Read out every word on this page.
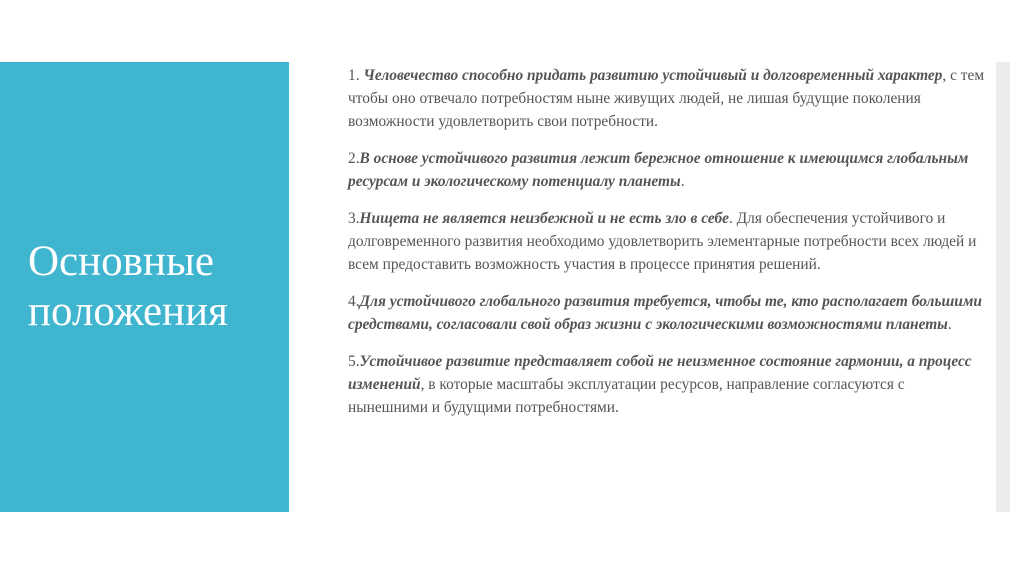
Основные
положения

1. Человечество способно придать развитию устойчивый и долговременный характер, с тем чтобы оно отвечало потребностям ныне живущих людей, не лишая будущие поколения возможности удовлетворить свои потребности.

2.В основе устойчивого развития лежит бережное отношение к имеющимся глобальным ресурсам и экологическому потенциалу планеты.

3.Нищета не является неизбежной и не есть зло в себе. Для обеспечения устойчивого и долговременного развития необходимо удовлетворить элементарные потребности всех людей и всем предоставить возможность участия в процессе принятия решений.

4.Для устойчивого глобального развития требуется, чтобы те, кто располагает большими средствами, согласовали свой образ жизни с экологическими возможностями планеты.

5.Устойчивое развитие представляет собой не неизменное состояние гармонии, а процесс изменений, в которые масштабы эксплуатации ресурсов, направление согласуются с нынешними и будущими потребностями.
